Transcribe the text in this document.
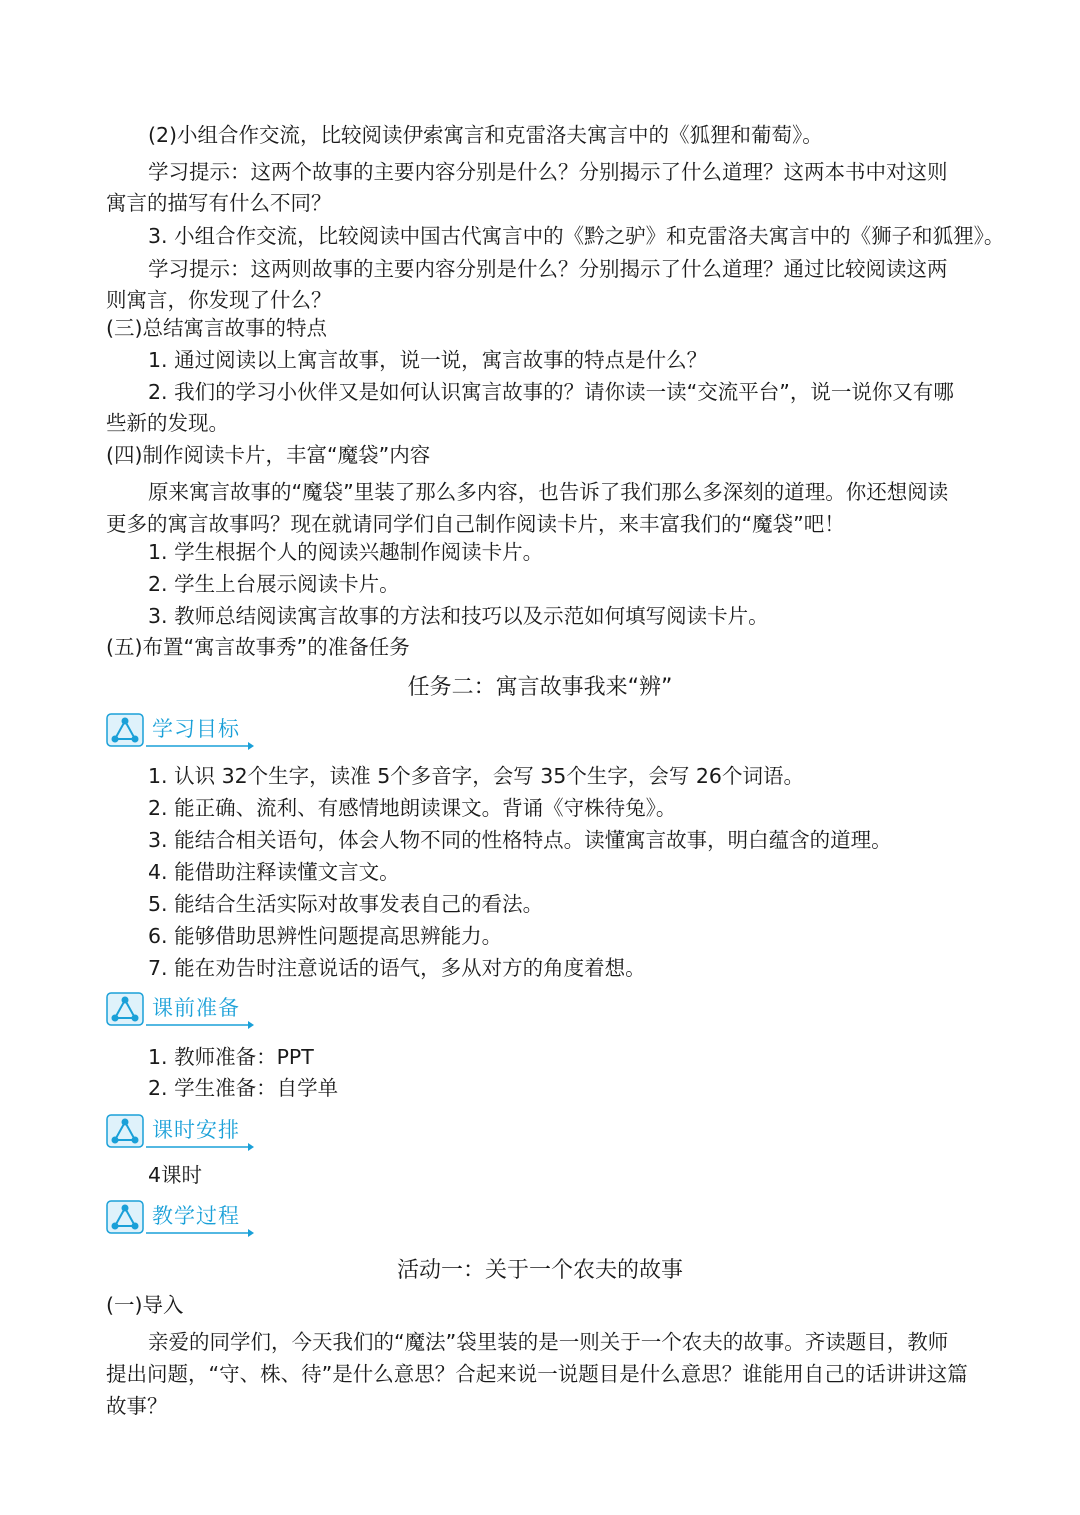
(2)小组合作交流，比较阅读伊索寓言和克雷洛夫寓言中的《狐狸和葡萄》。
学习提示：这两个故事的主要内容分别是什么？分别揭示了什么道理？这两本书中对这则
寓言的描写有什么不同？
3. 小组合作交流，比较阅读中国古代寓言中的《黔之驴》和克雷洛夫寓言中的《狮子和狐狸》。
学习提示：这两则故事的主要内容分别是什么？分别揭示了什么道理？通过比较阅读这两
则寓言，你发现了什么？
(三)总结寓言故事的特点
1. 通过阅读以上寓言故事，说一说，寓言故事的特点是什么？
2. 我们的学习小伙伴又是如何认识寓言故事的？请你读一读“交流平台”，说一说你又有哪
些新的发现。
(四)制作阅读卡片，丰富“魔袋”内容
原来寓言故事的“魔袋”里装了那么多内容，也告诉了我们那么多深刻的道理。你还想阅读
更多的寓言故事吗？现在就请同学们自己制作阅读卡片，来丰富我们的“魔袋”吧！
1. 学生根据个人的阅读兴趣制作阅读卡片。
2. 学生上台展示阅读卡片。
3. 教师总结阅读寓言故事的方法和技巧以及示范如何填写阅读卡片。
(五)布置“寓言故事秀”的准备任务
任务二：寓言故事我来“辨”
学习目标
1. 认识 32个生字，读准 5个多音字，会写 35个生字，会写 26个词语。
2. 能正确、流利、有感情地朗读课文。背诵《守株待兔》。
3. 能结合相关语句，体会人物不同的性格特点。读懂寓言故事，明白蕴含的道理。
4. 能借助注释读懂文言文。
5. 能结合生活实际对故事发表自己的看法。
6. 能够借助思辨性问题提高思辨能力。
7. 能在劝告时注意说话的语气，多从对方的角度着想。
课前准备
1. 教师准备：PPT
2. 学生准备：自学单
课时安排
4课时
教学过程
活动一：关于一个农夫的故事
(一)导入
亲爱的同学们，今天我们的“魔法”袋里装的是一则关于一个农夫的故事。齐读题目，教师
提出问题，“守、株、待”是什么意思？合起来说一说题目是什么意思？谁能用自己的话讲讲这篇
故事？
